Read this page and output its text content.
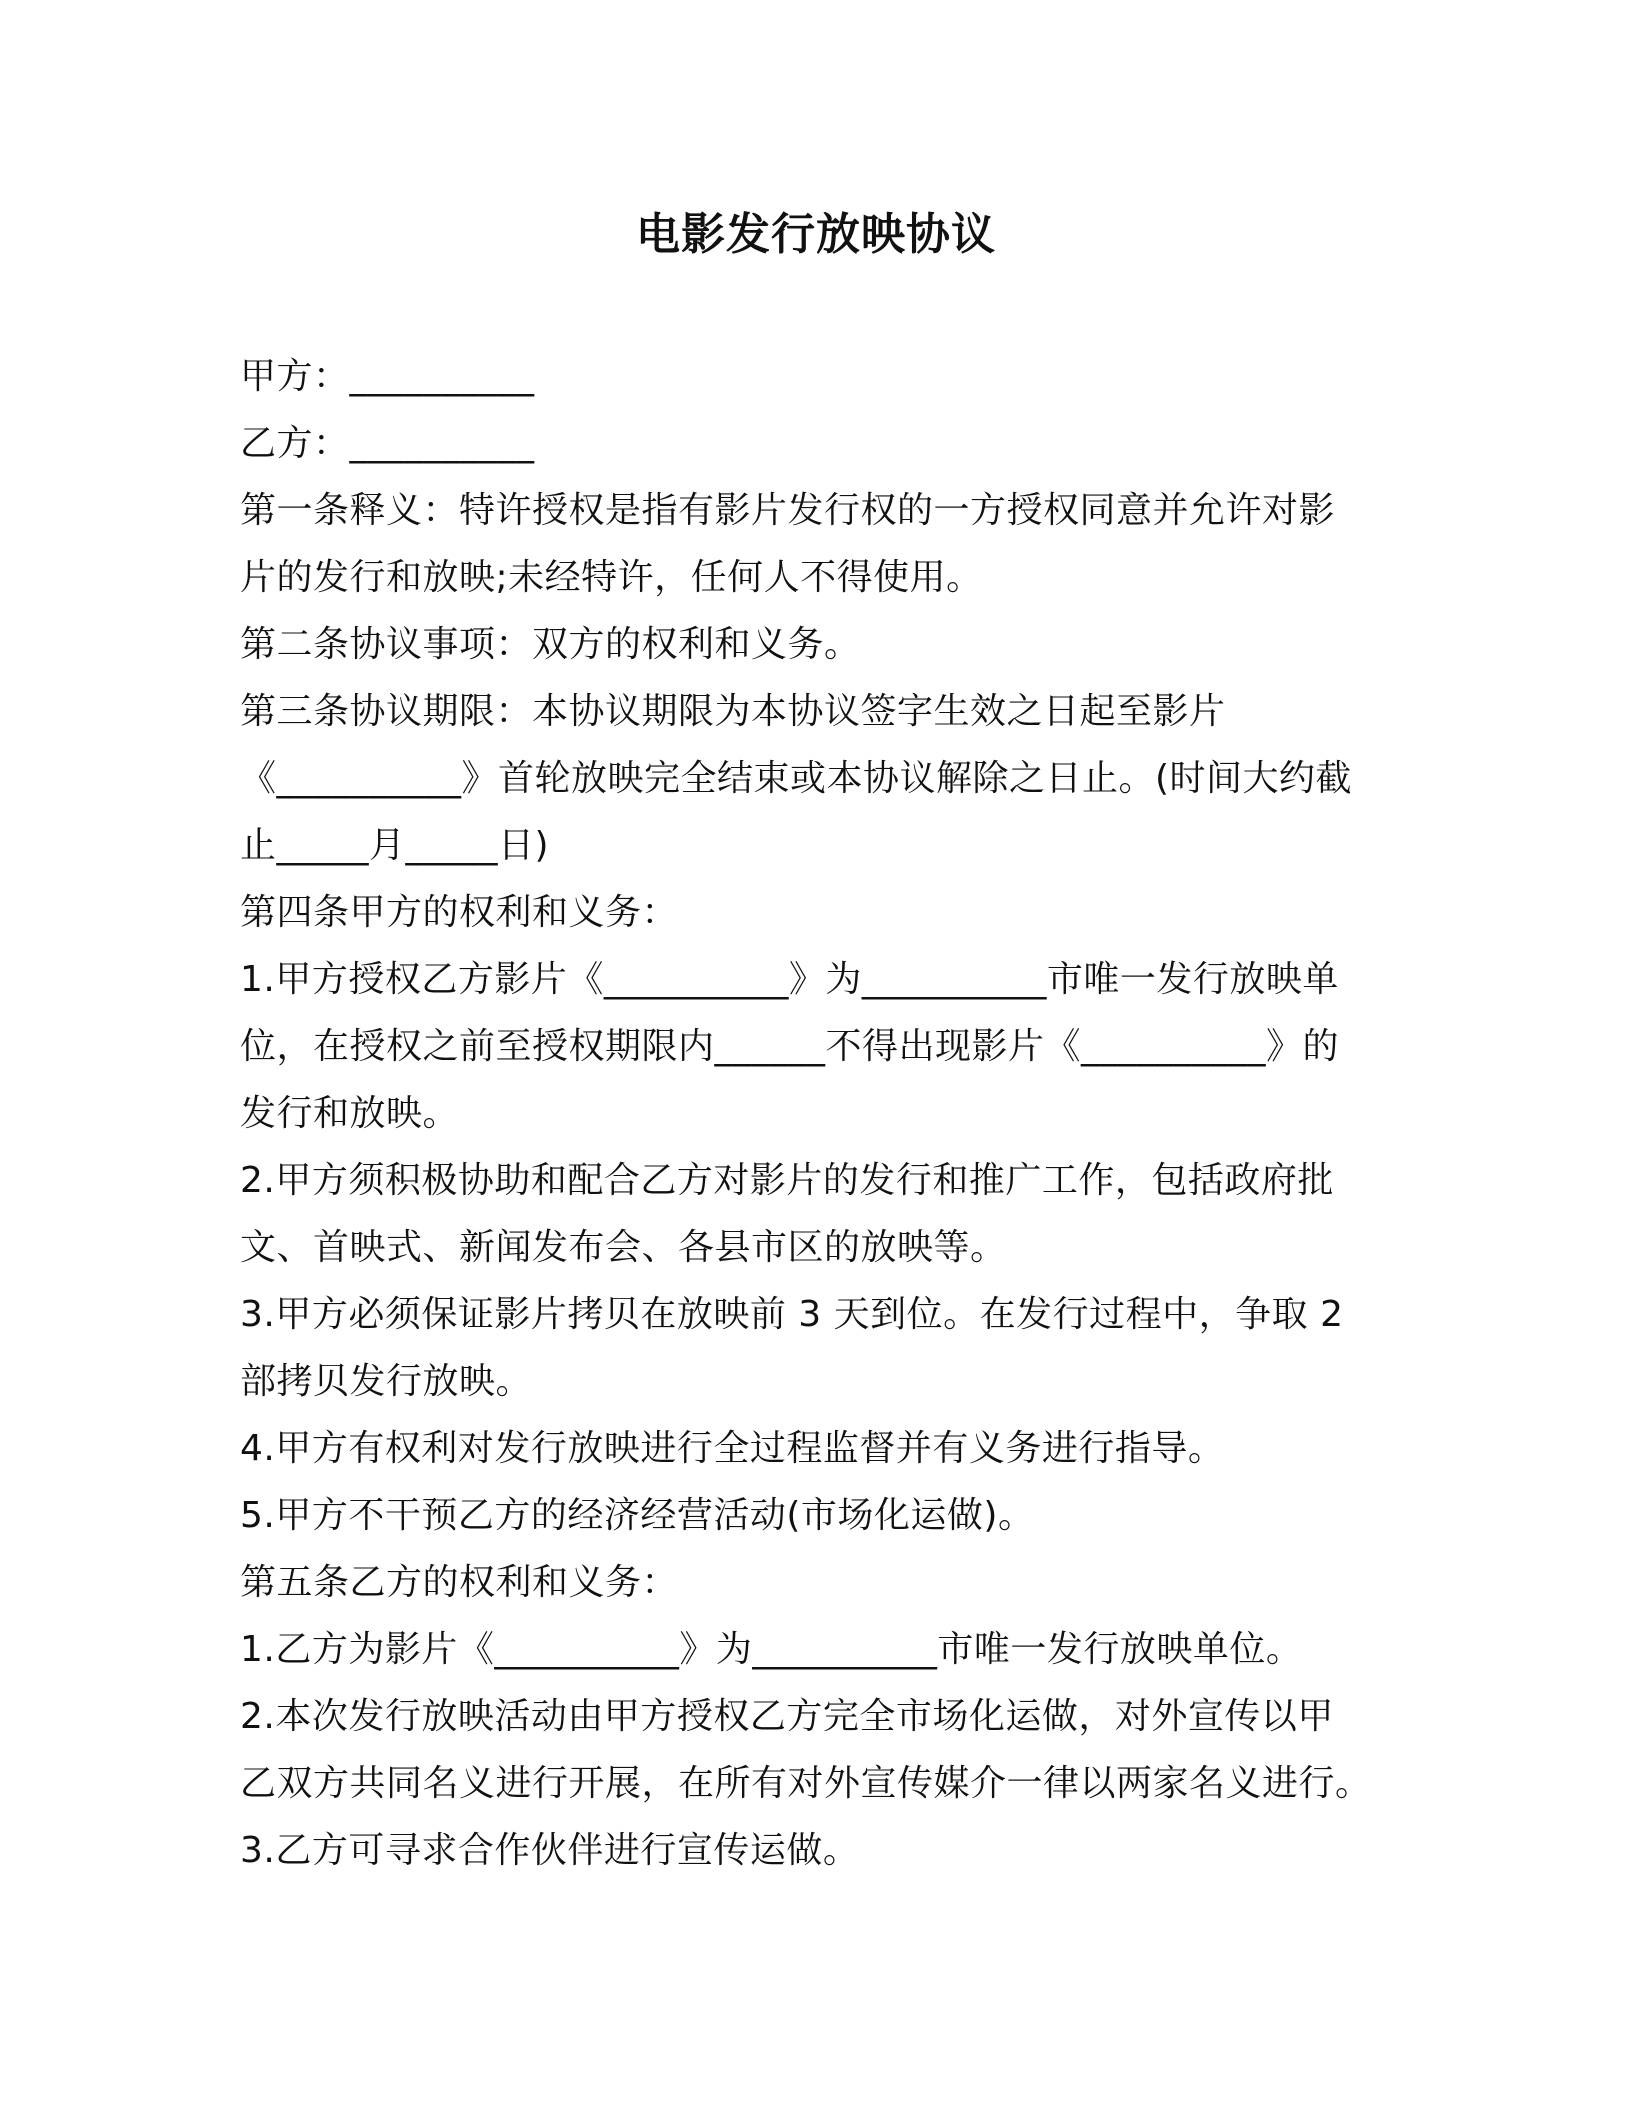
电影发行放映协议
甲方：__________
乙方：__________
第一条释义：特许授权是指有影片发行权的一方授权同意并允许对影
片的发行和放映;未经特许，任何人不得使用。
第二条协议事项：双方的权利和义务。
第三条协议期限：本协议期限为本协议签字生效之日起至影片
《__________》首轮放映完全结束或本协议解除之日止。(时间大约截
止_____月_____日)
第四条甲方的权利和义务：
1.甲方授权乙方影片《__________》为__________市唯一发行放映单
位，在授权之前至授权期限内______不得出现影片《__________》的
发行和放映。
2.甲方须积极协助和配合乙方对影片的发行和推广工作，包括政府批
文、首映式、新闻发布会、各县市区的放映等。
3.甲方必须保证影片拷贝在放映前 3 天到位。在发行过程中，争取 2
部拷贝发行放映。
4.甲方有权利对发行放映进行全过程监督并有义务进行指导。
5.甲方不干预乙方的经济经营活动(市场化运做)。
第五条乙方的权利和义务：
1.乙方为影片《__________》为__________市唯一发行放映单位。
2.本次发行放映活动由甲方授权乙方完全市场化运做，对外宣传以甲
乙双方共同名义进行开展，在所有对外宣传媒介一律以两家名义进行。
3.乙方可寻求合作伙伴进行宣传运做。
